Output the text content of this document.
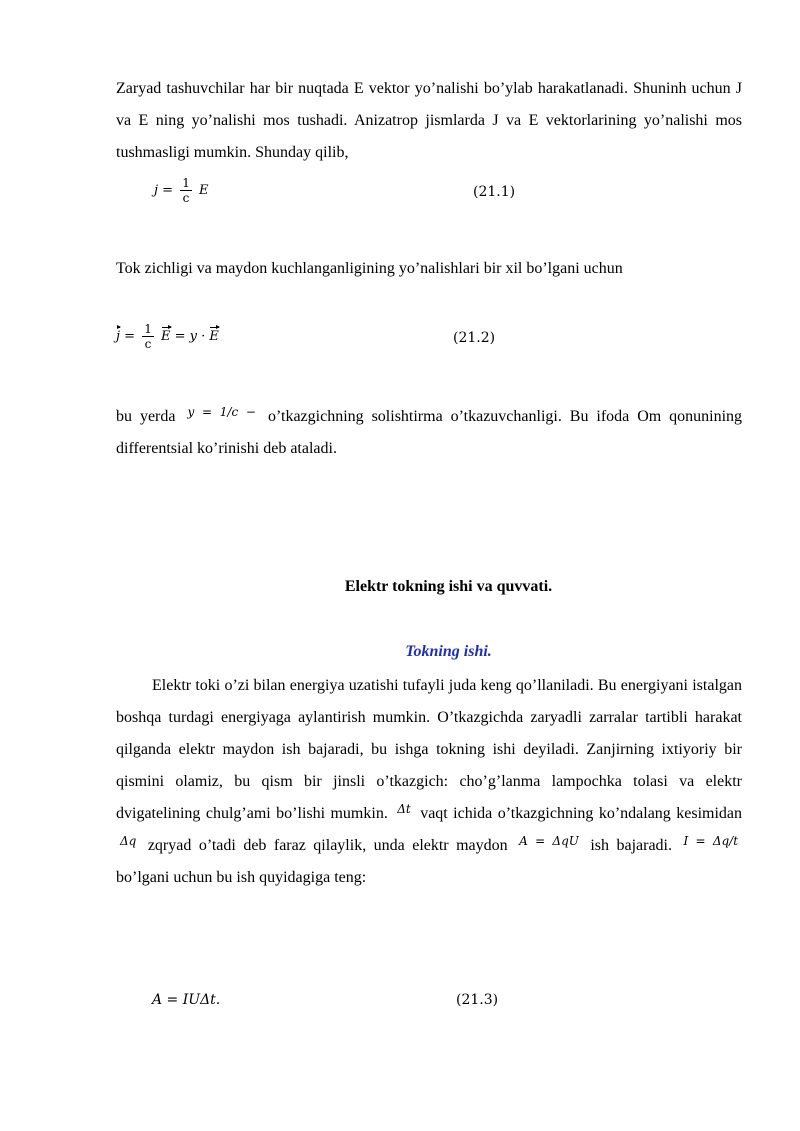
Zaryad tashuvchilar har bir nuqtada E vektor yo’nalishi bo’ylab harakatlanadi. Shuninh uchun J va E ning yo’nalishi mos tushadi. Anizatrop jismlarda J va E vektorlarining yo’nalishi mos tushmasligi mumkin. Shunday qilib,
$j = \frac{1}{c}$ E	(21.1)
Tok zichligi va maydon kuchlanganligining yo’nalishlari bir xil bo’lgani uchun
$j = \frac{1}{c}$ E = y · E	(21.2)
bu yerda $^{y = 1/c -}$ o’tkazgichning solishtirma o’tkazuvchanligi. Bu ifoda Om qonunining differentsial ko’rinishi deb ataladi.
Elektr tokning ishi va quvvati.
Tokning ishi.
Elektr toki o’zi bilan energiya uzatishi tufayli juda keng qo’llaniladi. Bu energiyani istalgan boshqa turdagi energiyaga aylantirish mumkin. O’tkazgichda zaryadli zarralar tartibli harakat qilganda elektr maydon ish bajaradi, bu ishga tokning ishi deyiladi. Zanjirning ixtiyoriy bir qismini olamiz, bu qism bir jinsli o’tkazgich: cho’g’lanma lampochka tolasi va elektr dvigatelining chulg’ami bo’lishi mumkin. $^{\Delta t}$ vaqt ichida o’tkazgichning ko’ndalang kesimidan $^{\Delta q}$ zqryad o’tadi deb faraz qilaylik, unda elektr maydon $^{A = \Delta qU}$ ish bajaradi. $^{I = \Delta q/t}$ bo’lgani uchun bu ish quyidagiga teng:
A = IUΔt.	(21.3)
